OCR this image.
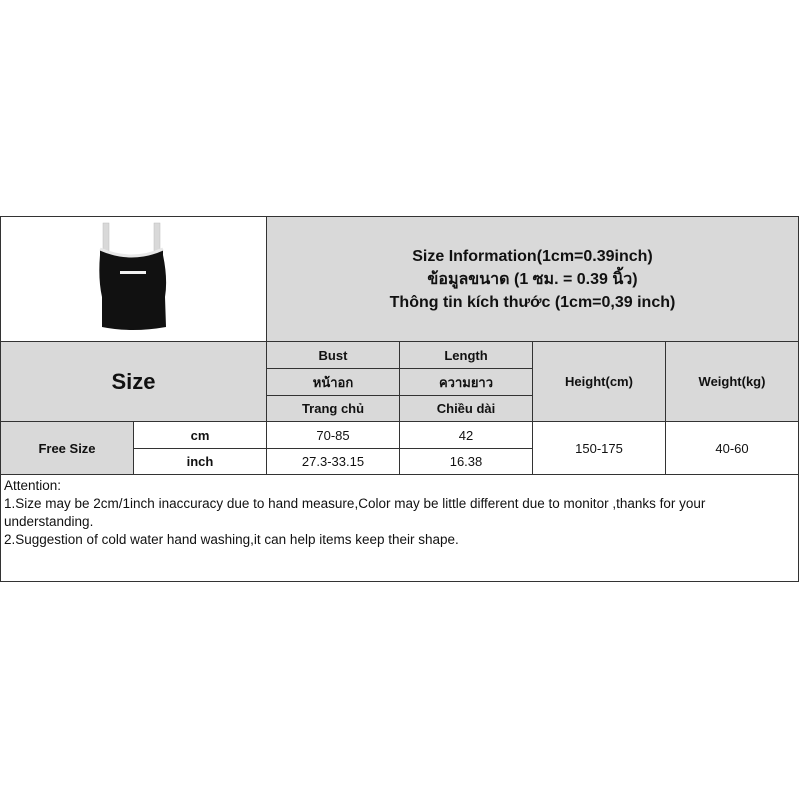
Size Information(1cm=0.39inch)
ข้อมูลขนาด (1 ซม. = 0.39 นิ้ว)
Thông tin kích thước (1cm=0,39 inch)
Size
Bust
หน้าอก
Trang chủ
Length
ความยาว
Chiều dài
Height(cm)	Weight(kg)
Free Size
cm
inch
70-85
27.3-33.15
42
16.38
150-175	40-60
Attention:
1.Size may be 2cm/1inch inaccuracy due to hand measure,Color may be little different due to monitor ,thanks for your understanding.
2.Suggestion of cold water hand washing,it can help items keep their shape.
